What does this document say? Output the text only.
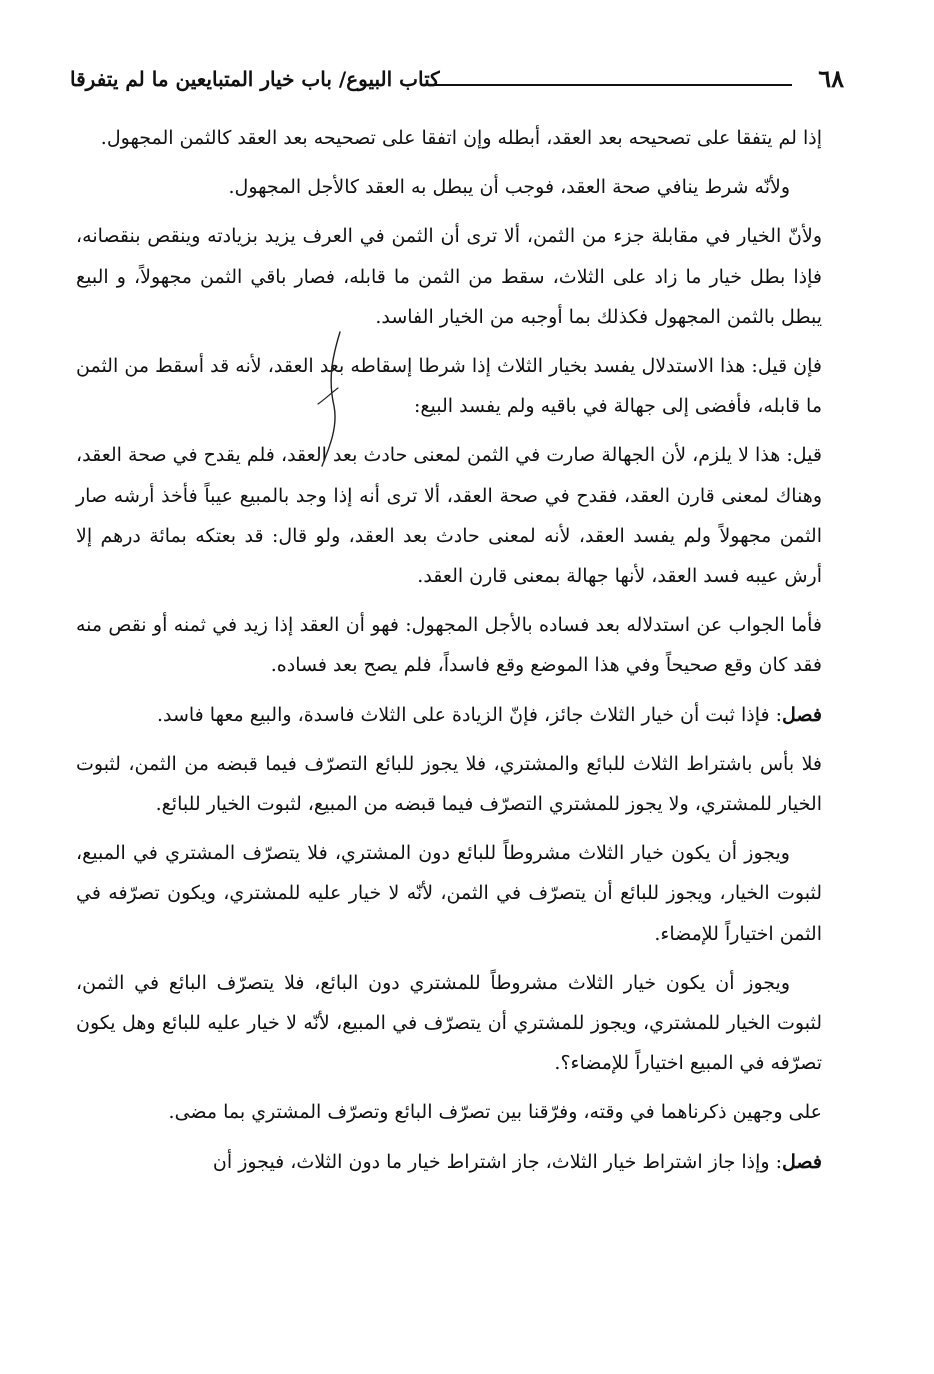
٦٨
كتاب البيوع/ باب خيار المتبايعين ما لم يتفرقا

إذا لم يتفقا على تصحيحه بعد العقد، أبطله وإن اتفقا على تصحيحه بعد العقد كالثمن المجهول.

ولأنّه شرط ينافي صحة العقد، فوجب أن يبطل به العقد كالأجل المجهول.

ولأنّ الخيار في مقابلة جزء من الثمن، ألا ترى أن الثمن في العرف يزيد بزيادته وينقص بنقصانه، فإذا بطل خيار ما زاد على الثلاث، سقط من الثمن ما قابله، فصار باقي الثمن مجهولاً، و البيع يبطل بالثمن المجهول فكذلك بما أوجبه من الخيار الفاسد.

فإن قيل: هذا الاستدلال يفسد بخيار الثلاث إذا شرطا إسقاطه بعد العقد، لأنه قد أسقط من الثمن ما قابله، فأفضى إلى جهالة في باقيه ولم يفسد البيع:

قيل: هذا لا يلزم، لأن الجهالة صارت في الثمن لمعنى حادث بعد العقد، فلم يقدح في صحة العقد، وهناك لمعنى قارن العقد، فقدح في صحة العقد، ألا ترى أنه إذا وجد بالمبيع عيباً فأخذ أرشه صار الثمن مجهولاً ولم يفسد العقد، لأنه لمعنى حادث بعد العقد، ولو قال: قد بعتكه بمائة درهم إلا أرش عيبه فسد العقد، لأنها جهالة بمعنى قارن العقد.

فأما الجواب عن استدلاله بعد فساده بالأجل المجهول: فهو أن العقد إذا زيد في ثمنه أو نقص منه فقد كان وقع صحيحاً وفي هذا الموضع وقع فاسداً، فلم يصح بعد فساده.

فصل: فإذا ثبت أن خيار الثلاث جائز، فإنّ الزيادة على الثلاث فاسدة، والبيع معها فاسد.

فلا بأس باشتراط الثلاث للبائع والمشتري، فلا يجوز للبائع التصرّف فيما قبضه من الثمن، لثبوت الخيار للمشتري، ولا يجوز للمشتري التصرّف فيما قبضه من المبيع، لثبوت الخيار للبائع.

ويجوز أن يكون خيار الثلاث مشروطاً للبائع دون المشتري، فلا يتصرّف المشتري في المبيع، لثبوت الخيار، ويجوز للبائع أن يتصرّف في الثمن، لأنّه لا خيار عليه للمشتري، ويكون تصرّفه في الثمن اختياراً للإمضاء.

ويجوز أن يكون خيار الثلاث مشروطاً للمشتري دون البائع، فلا يتصرّف البائع في الثمن، لثبوت الخيار للمشتري، ويجوز للمشتري أن يتصرّف في المبيع، لأنّه لا خيار عليه للبائع وهل يكون تصرّفه في المبيع اختياراً للإمضاء؟.

على وجهين ذكرناهما في وقته، وفرّقنا بين تصرّف البائع وتصرّف المشتري بما مضى.

فصل: وإذا جاز اشتراط خيار الثلاث، جاز اشتراط خيار ما دون الثلاث، فيجوز أن
